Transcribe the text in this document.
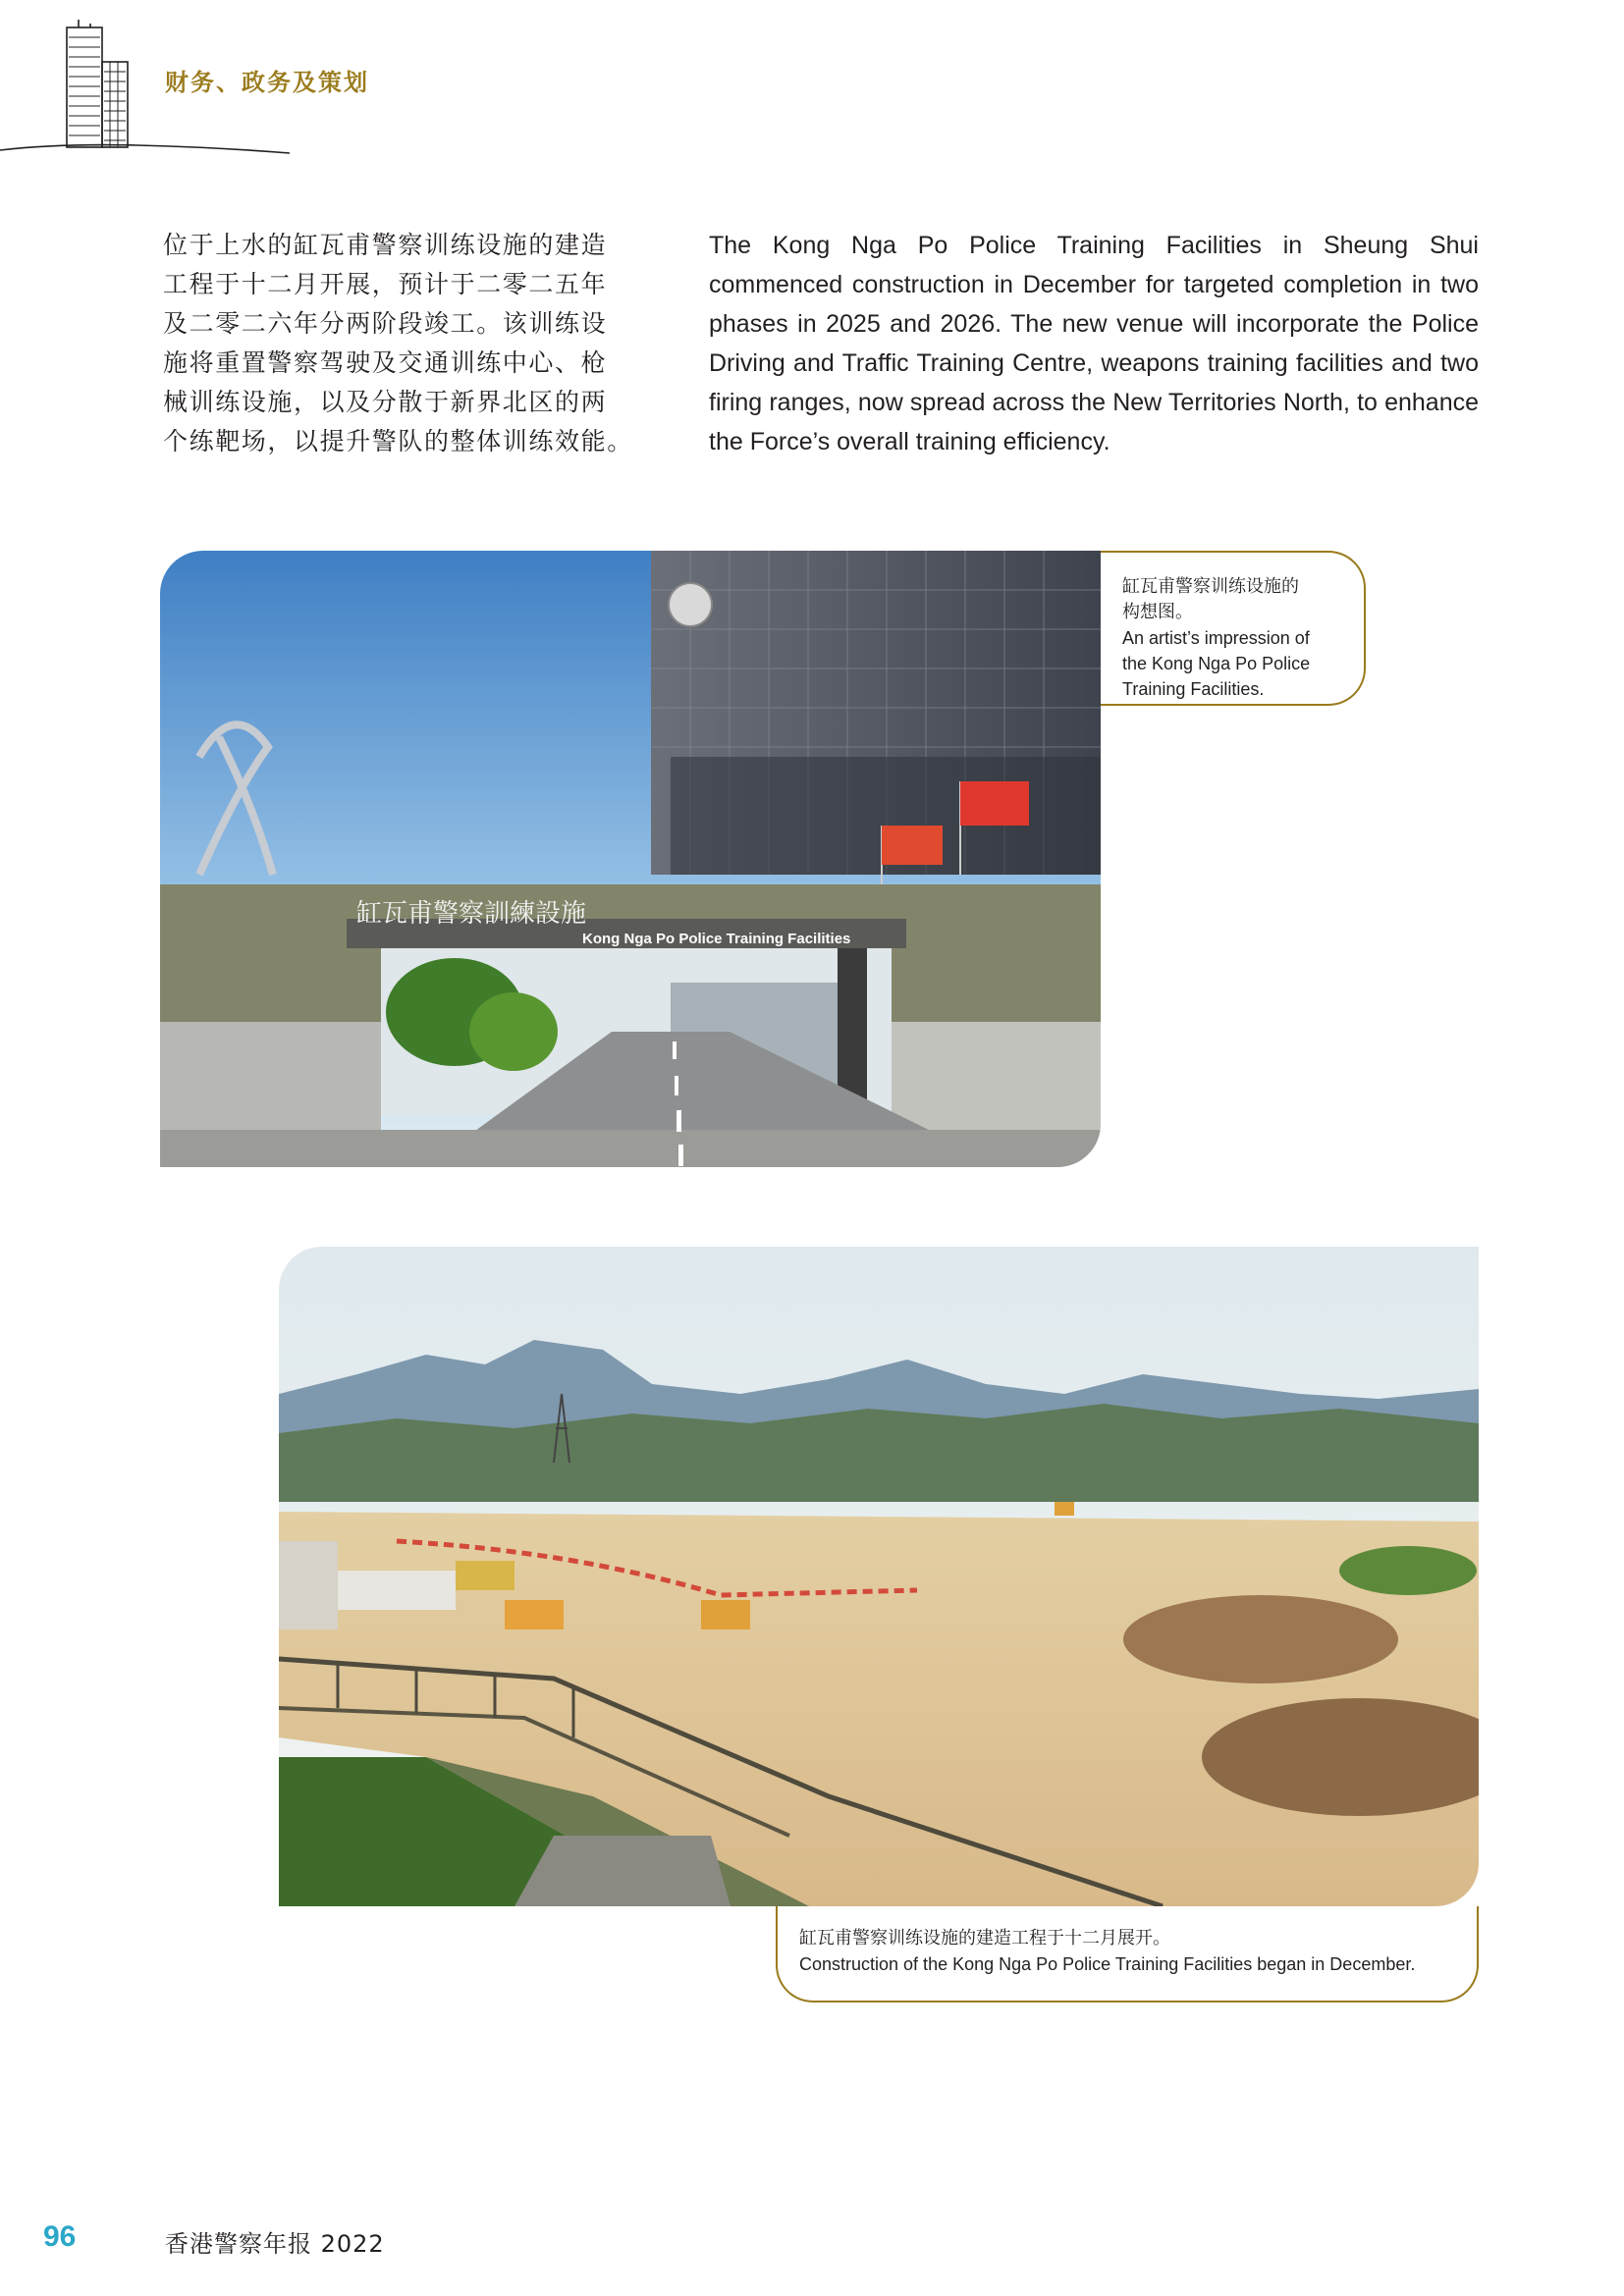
财务、政务及策划
位于上水的缸瓦甫警察训练设施的建造
工程于十二月开展，预计于二零二五年
及二零二六年分两阶段竣工。该训练设
施将重置警察驾驶及交通训练中心、枪
械训练设施，以及分散于新界北区的两
个练靶场，以提升警队的整体训练效能。
The Kong Nga Po Police Training Facilities in Sheung Shui commenced construction in December for targeted completion in two phases in 2025 and 2026. The new venue will incorporate the Police Driving and Traffic Training Centre, weapons training facilities and two firing ranges, now spread across the New Territories North, to enhance the Force’s overall training efficiency.
缸瓦甫警察訓練設施
Kong Nga Po Police Training Facilities
缸瓦甫警察训练设施的
构想图。
An artist’s impression of
the Kong Nga Po Police
Training Facilities.
缸瓦甫警察训练设施的建造工程于十二月展开。
Construction of the Kong Nga Po Police Training Facilities began in December.
96	香港警察年报 2022
